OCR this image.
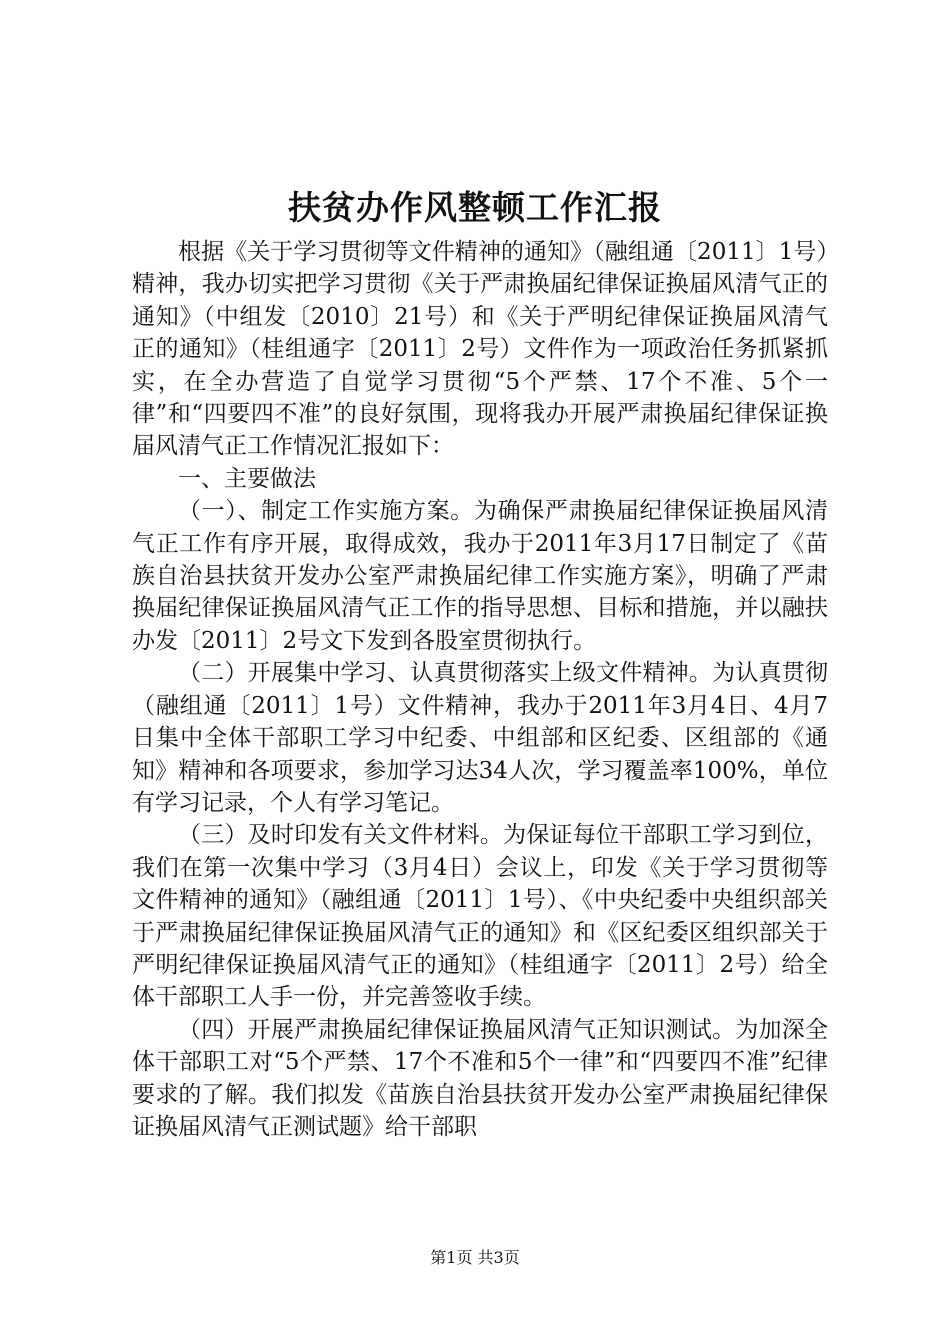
扶贫办作风整顿工作汇报

根据《关于学习贯彻等文件精神的通知》（融组通〔2011〕1号）精神，我办切实把学习贯彻《关于严肃换届纪律保证换届风清气正的通知》（中组发〔2010〕21号）和《关于严明纪律保证换届风清气正的通知》（桂组通字〔2011〕2号）文件作为一项政治任务抓紧抓实，在全办营造了自觉学习贯彻“5个严禁、17个不准、5个一律”和“四要四不准”的良好氛围，现将我办开展严肃换届纪律保证换届风清气正工作情况汇报如下：

一、主要做法

（一）、制定工作实施方案。为确保严肃换届纪律保证换届风清气正工作有序开展，取得成效，我办于2011年3月17日制定了《苗族自治县扶贫开发办公室严肃换届纪律工作实施方案》，明确了严肃换届纪律保证换届风清气正工作的指导思想、目标和措施，并以融扶办发〔2011〕2号文下发到各股室贯彻执行。

（二）开展集中学习、认真贯彻落实上级文件精神。为认真贯彻（融组通〔2011〕1号）文件精神，我办于2011年3月4日、4月7日集中全体干部职工学习中纪委、中组部和区纪委、区组部的《通知》精神和各项要求，参加学习达34人次，学习覆盖率100%，单位有学习记录，个人有学习笔记。

（三）及时印发有关文件材料。为保证每位干部职工学习到位，我们在第一次集中学习（3月4日）会议上，印发《关于学习贯彻等文件精神的通知》（融组通〔2011〕1号）、《中央纪委中央组织部关于严肃换届纪律保证换届风清气正的通知》和《区纪委区组织部关于严明纪律保证换届风清气正的通知》（桂组通字〔2011〕2号）给全体干部职工人手一份，并完善签收手续。

（四）开展严肃换届纪律保证换届风清气正知识测试。为加深全体干部职工对“5个严禁、17个不准和5个一律”和“四要四不准”纪律要求的了解。我们拟发《苗族自治县扶贫开发办公室严肃换届纪律保证换届风清气正测试题》给干部职

第1页 共3页
